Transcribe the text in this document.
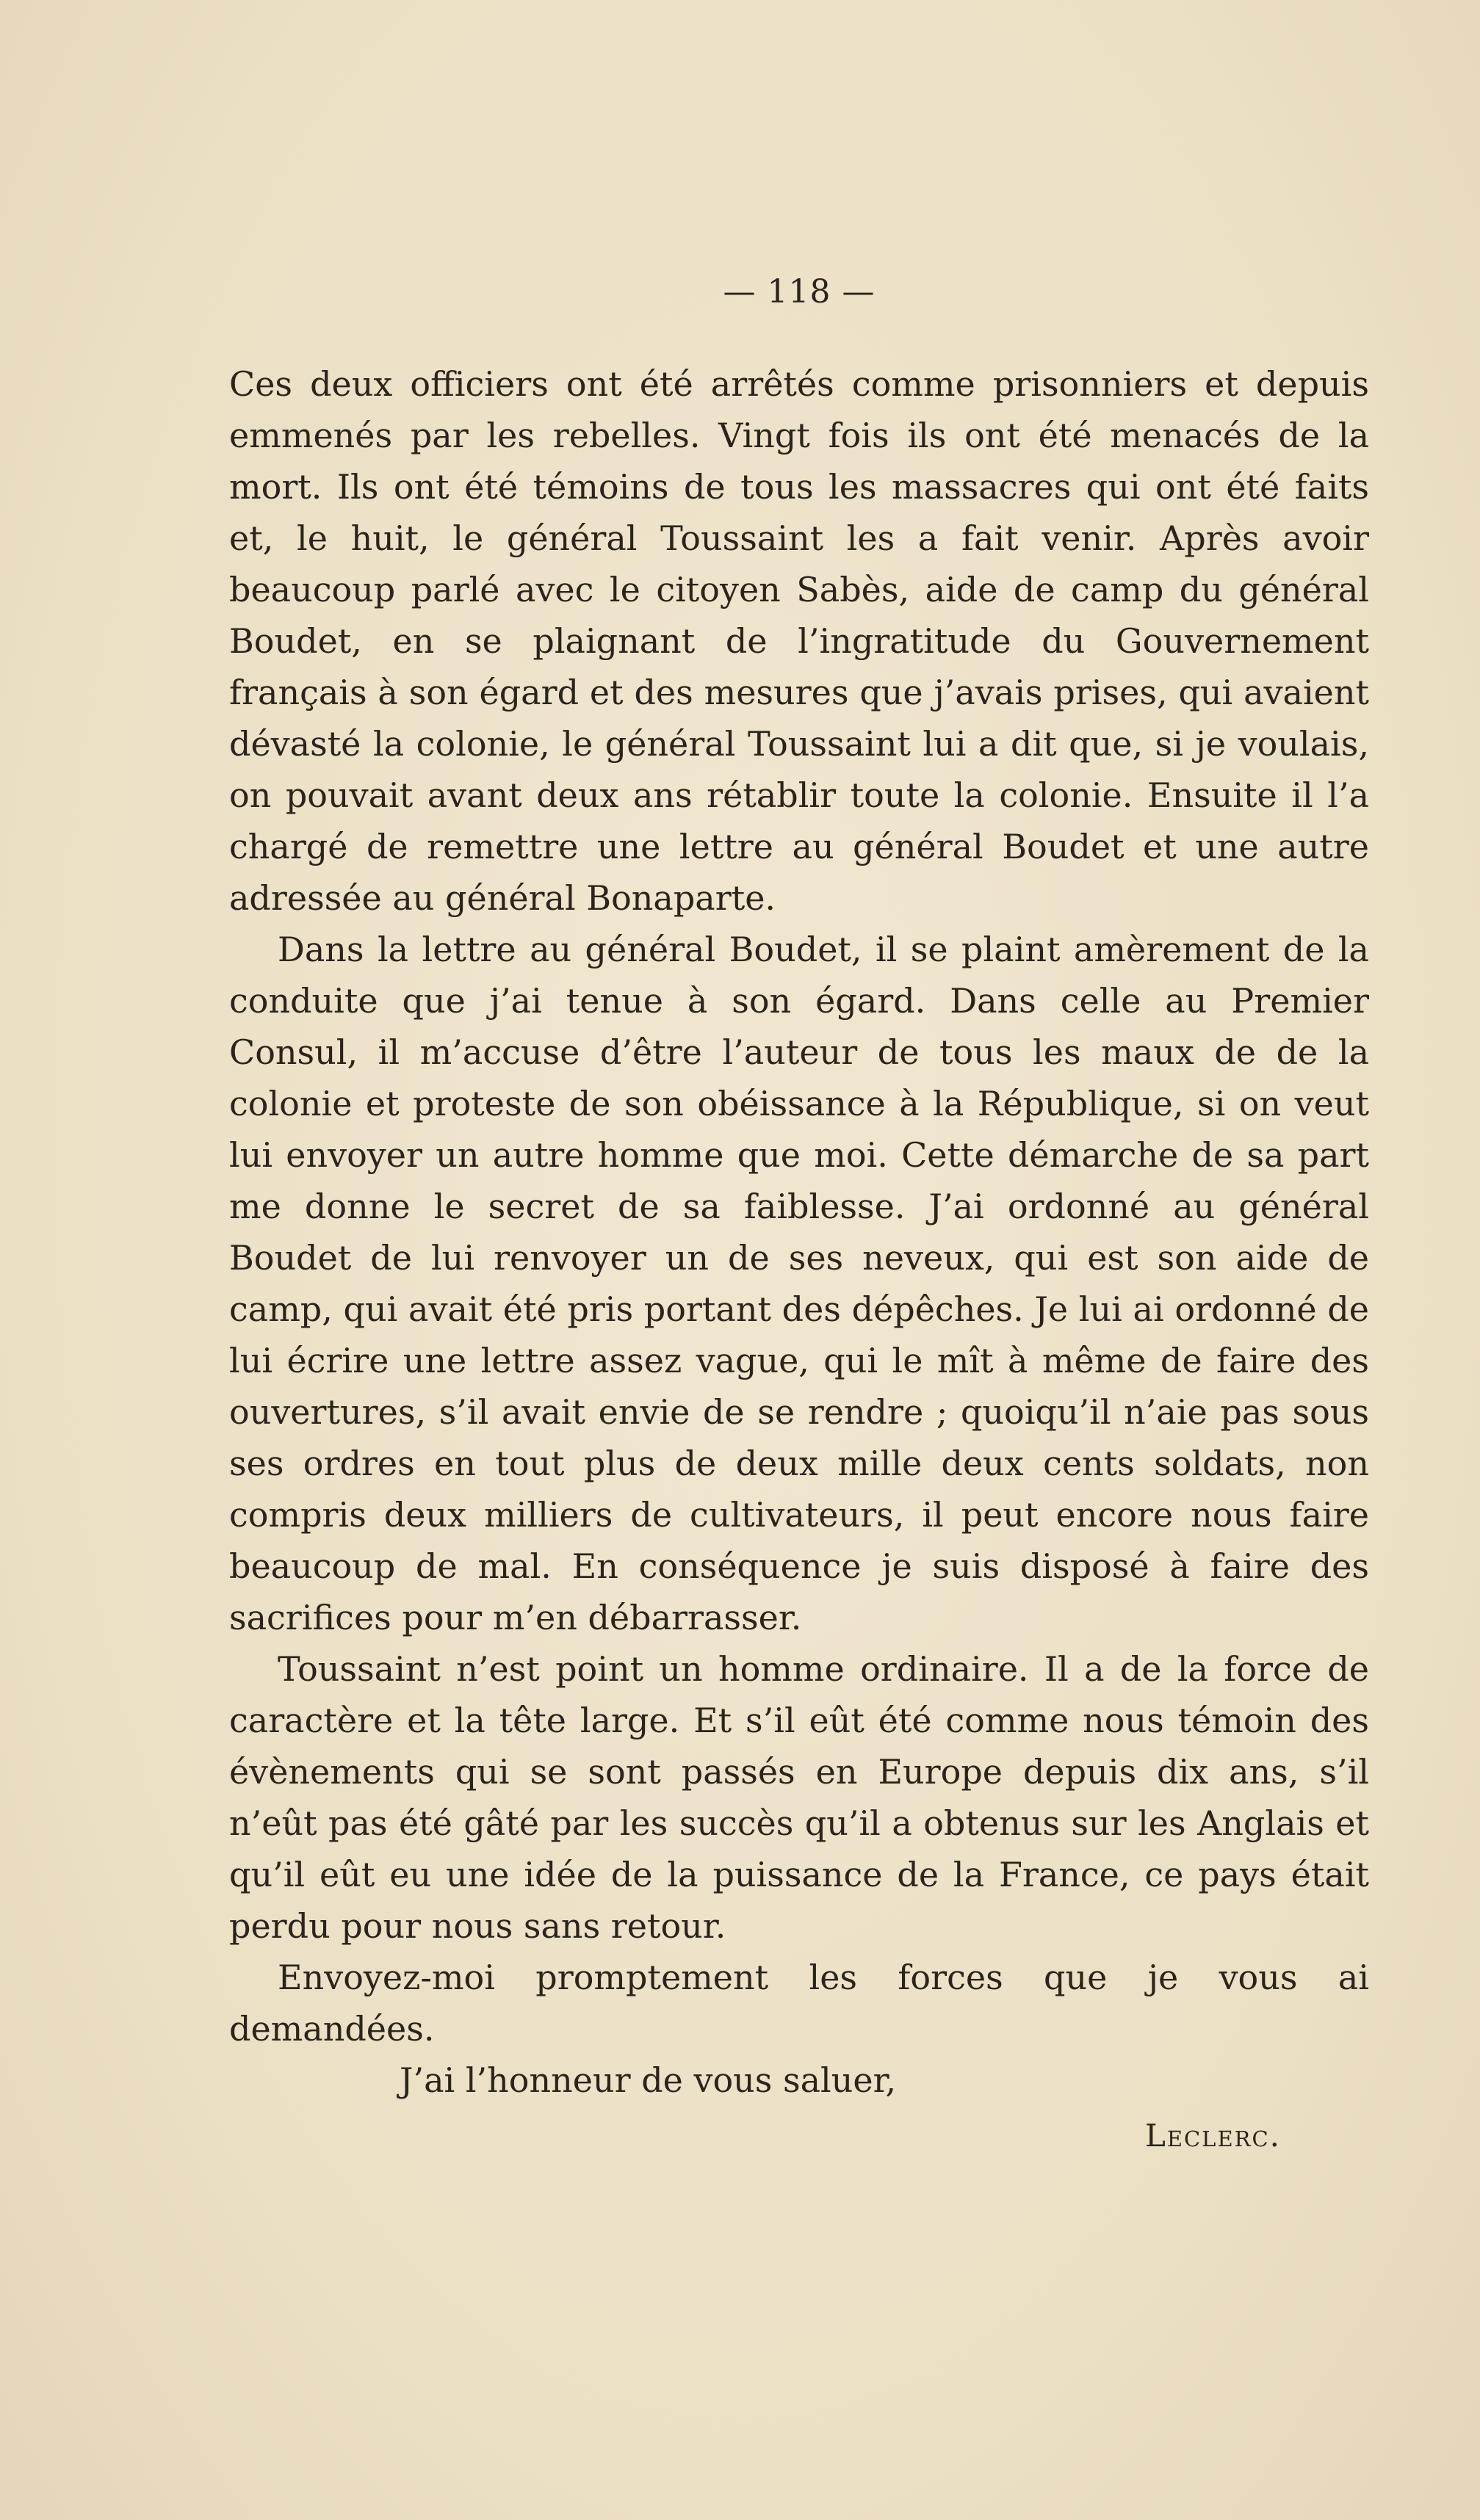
— 118 —

Ces deux officiers ont été arrêtés comme prisonniers et depuis emmenés par les rebelles. Vingt fois ils ont été menacés de la mort. Ils ont été témoins de tous les massacres qui ont été faits et, le huit, le général Toussaint les a fait venir. Après avoir beaucoup parlé avec le citoyen Sabès, aide de camp du général Boudet, en se plaignant de l’ingratitude du Gouvernement français à son égard et des mesures que j’avais prises, qui avaient dévasté la colonie, le général Toussaint lui a dit que, si je voulais, on pouvait avant deux ans rétablir toute la colonie. Ensuite il l’a chargé de remettre une lettre au général Boudet et une autre adressée au général Bonaparte.

Dans la lettre au général Boudet, il se plaint amèrement de la conduite que j’ai tenue à son égard. Dans celle au Premier Consul, il m’accuse d’être l’auteur de tous les maux de de la colonie et proteste de son obéissance à la République, si on veut lui envoyer un autre homme que moi. Cette démarche de sa part me donne le secret de sa faiblesse. J’ai ordonné au général Boudet de lui renvoyer un de ses neveux, qui est son aide de camp, qui avait été pris portant des dépêches. Je lui ai ordonné de lui écrire une lettre assez vague, qui le mît à même de faire des ouvertures, s’il avait envie de se rendre ; quoiqu’il n’aie pas sous ses ordres en tout plus de deux mille deux cents soldats, non compris deux milliers de cultivateurs, il peut encore nous faire beaucoup de mal. En conséquence je suis disposé à faire des sacrifices pour m’en débarrasser.

Toussaint n’est point un homme ordinaire. Il a de la force de caractère et la tête large. Et s’il eût été comme nous témoin des évènements qui se sont passés en Europe depuis dix ans, s’il n’eût pas été gâté par les succès qu’il a obtenus sur les Anglais et qu’il eût eu une idée de la puissance de la France, ce pays était perdu pour nous sans retour.

Envoyez-moi promptement les forces que je vous ai demandées.

J’ai l’honneur de vous saluer,

Leclerc.
